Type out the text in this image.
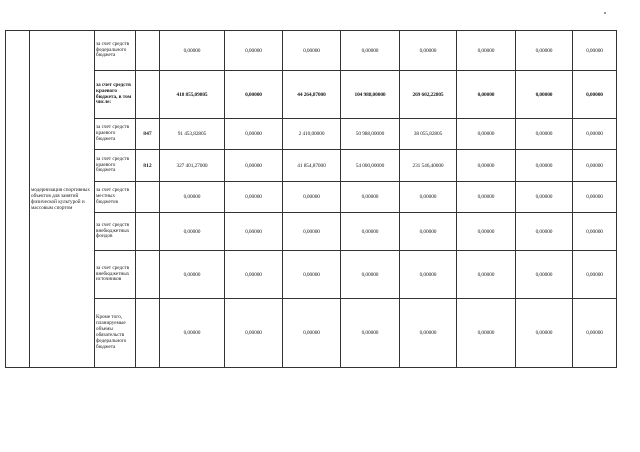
	модернизация спортивных объектов для занятий физической культурой и массовым спортом	за счет средств федерального бюджета		0,00000	0,00000	0,00000	0,00000	0,00000	0,00000	0,00000	0,00000
		за счет средств краевого бюджета, в том числе:		418 855,09805	0,00000	44 264,87000	104 988,00000	269 602,22805	0,00000	0,00000	0,00000
		за счет средств краевого бюджета	847	91 453,82805	0,00000	2 410,00000	50 988,00000	38 055,82805	0,00000	0,00000	0,00000
		за счет средств краевого бюджета	812	327 401,27000	0,00000	41 854,87000	54 000,00000	231 546,40000	0,00000	0,00000	0,00000
		за счет средств местных бюджетов		0,00000	0,00000	0,00000	0,00000	0,00000	0,00000	0,00000	0,00000
		за счет средств внебюджетных фондов		0,00000	0,00000	0,00000	0,00000	0,00000	0,00000	0,00000	0,00000
		за счет средств внебюджетных источников		0,00000	0,00000	0,00000	0,00000	0,00000	0,00000	0,00000	0,00000
		Кроме того, планируемые объемы обязательств федерального бюджета		0,00000	0,00000	0,00000	0,00000	0,00000	0,00000	0,00000	0,00000
